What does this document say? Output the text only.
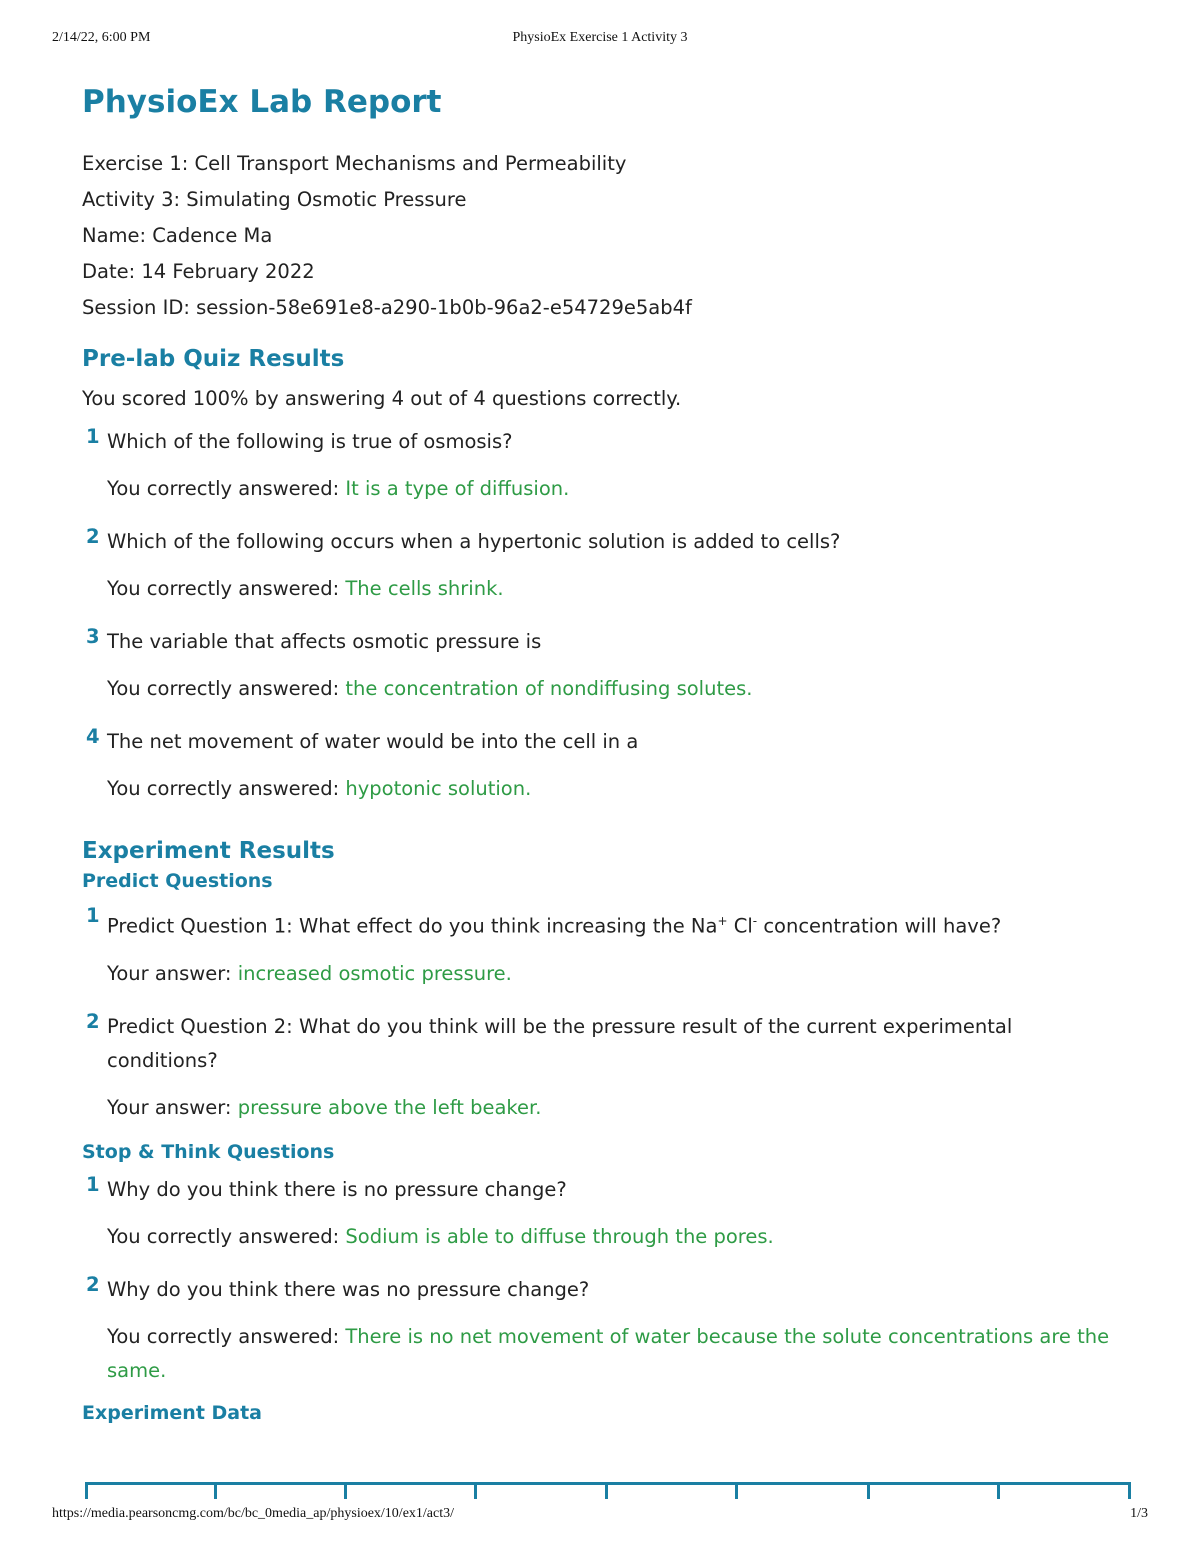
2/14/22, 6:00 PM	PhysioEx Exercise 1 Activity 3
PhysioEx Lab Report
Exercise 1: Cell Transport Mechanisms and Permeability
Activity 3: Simulating Osmotic Pressure
Name: Cadence Ma
Date: 14 February 2022
Session ID: session-58e691e8-a290-1b0b-96a2-e54729e5ab4f
Pre-lab Quiz Results

You scored 100% by answering 4 out of 4 questions correctly.

1 Which of the following is true of osmosis?
You correctly answered: It is a type of diffusion.
2 Which of the following occurs when a hypertonic solution is added to cells?
You correctly answered: The cells shrink.
3 The variable that affects osmotic pressure is
You correctly answered: the concentration of nondiffusing solutes.
4 The net movement of water would be into the cell in a
You correctly answered: hypotonic solution.
Experiment Results
Predict Questions
1 Predict Question 1: What effect do you think increasing the Na+ Cl- concentration will have?
Your answer: increased osmotic pressure.
2 Predict Question 2: What do you think will be the pressure result of the current experimental conditions?
Your answer: pressure above the left beaker.
Stop & Think Questions
1 Why do you think there is no pressure change?
You correctly answered: Sodium is able to diffuse through the pores.
2 Why do you think there was no pressure change?
You correctly answered: There is no net movement of water because the solute concentrations are the same.
Experiment Data
https://media.pearsoncmg.com/bc/bc_0media_ap/physioex/10/ex1/act3/	1/3
